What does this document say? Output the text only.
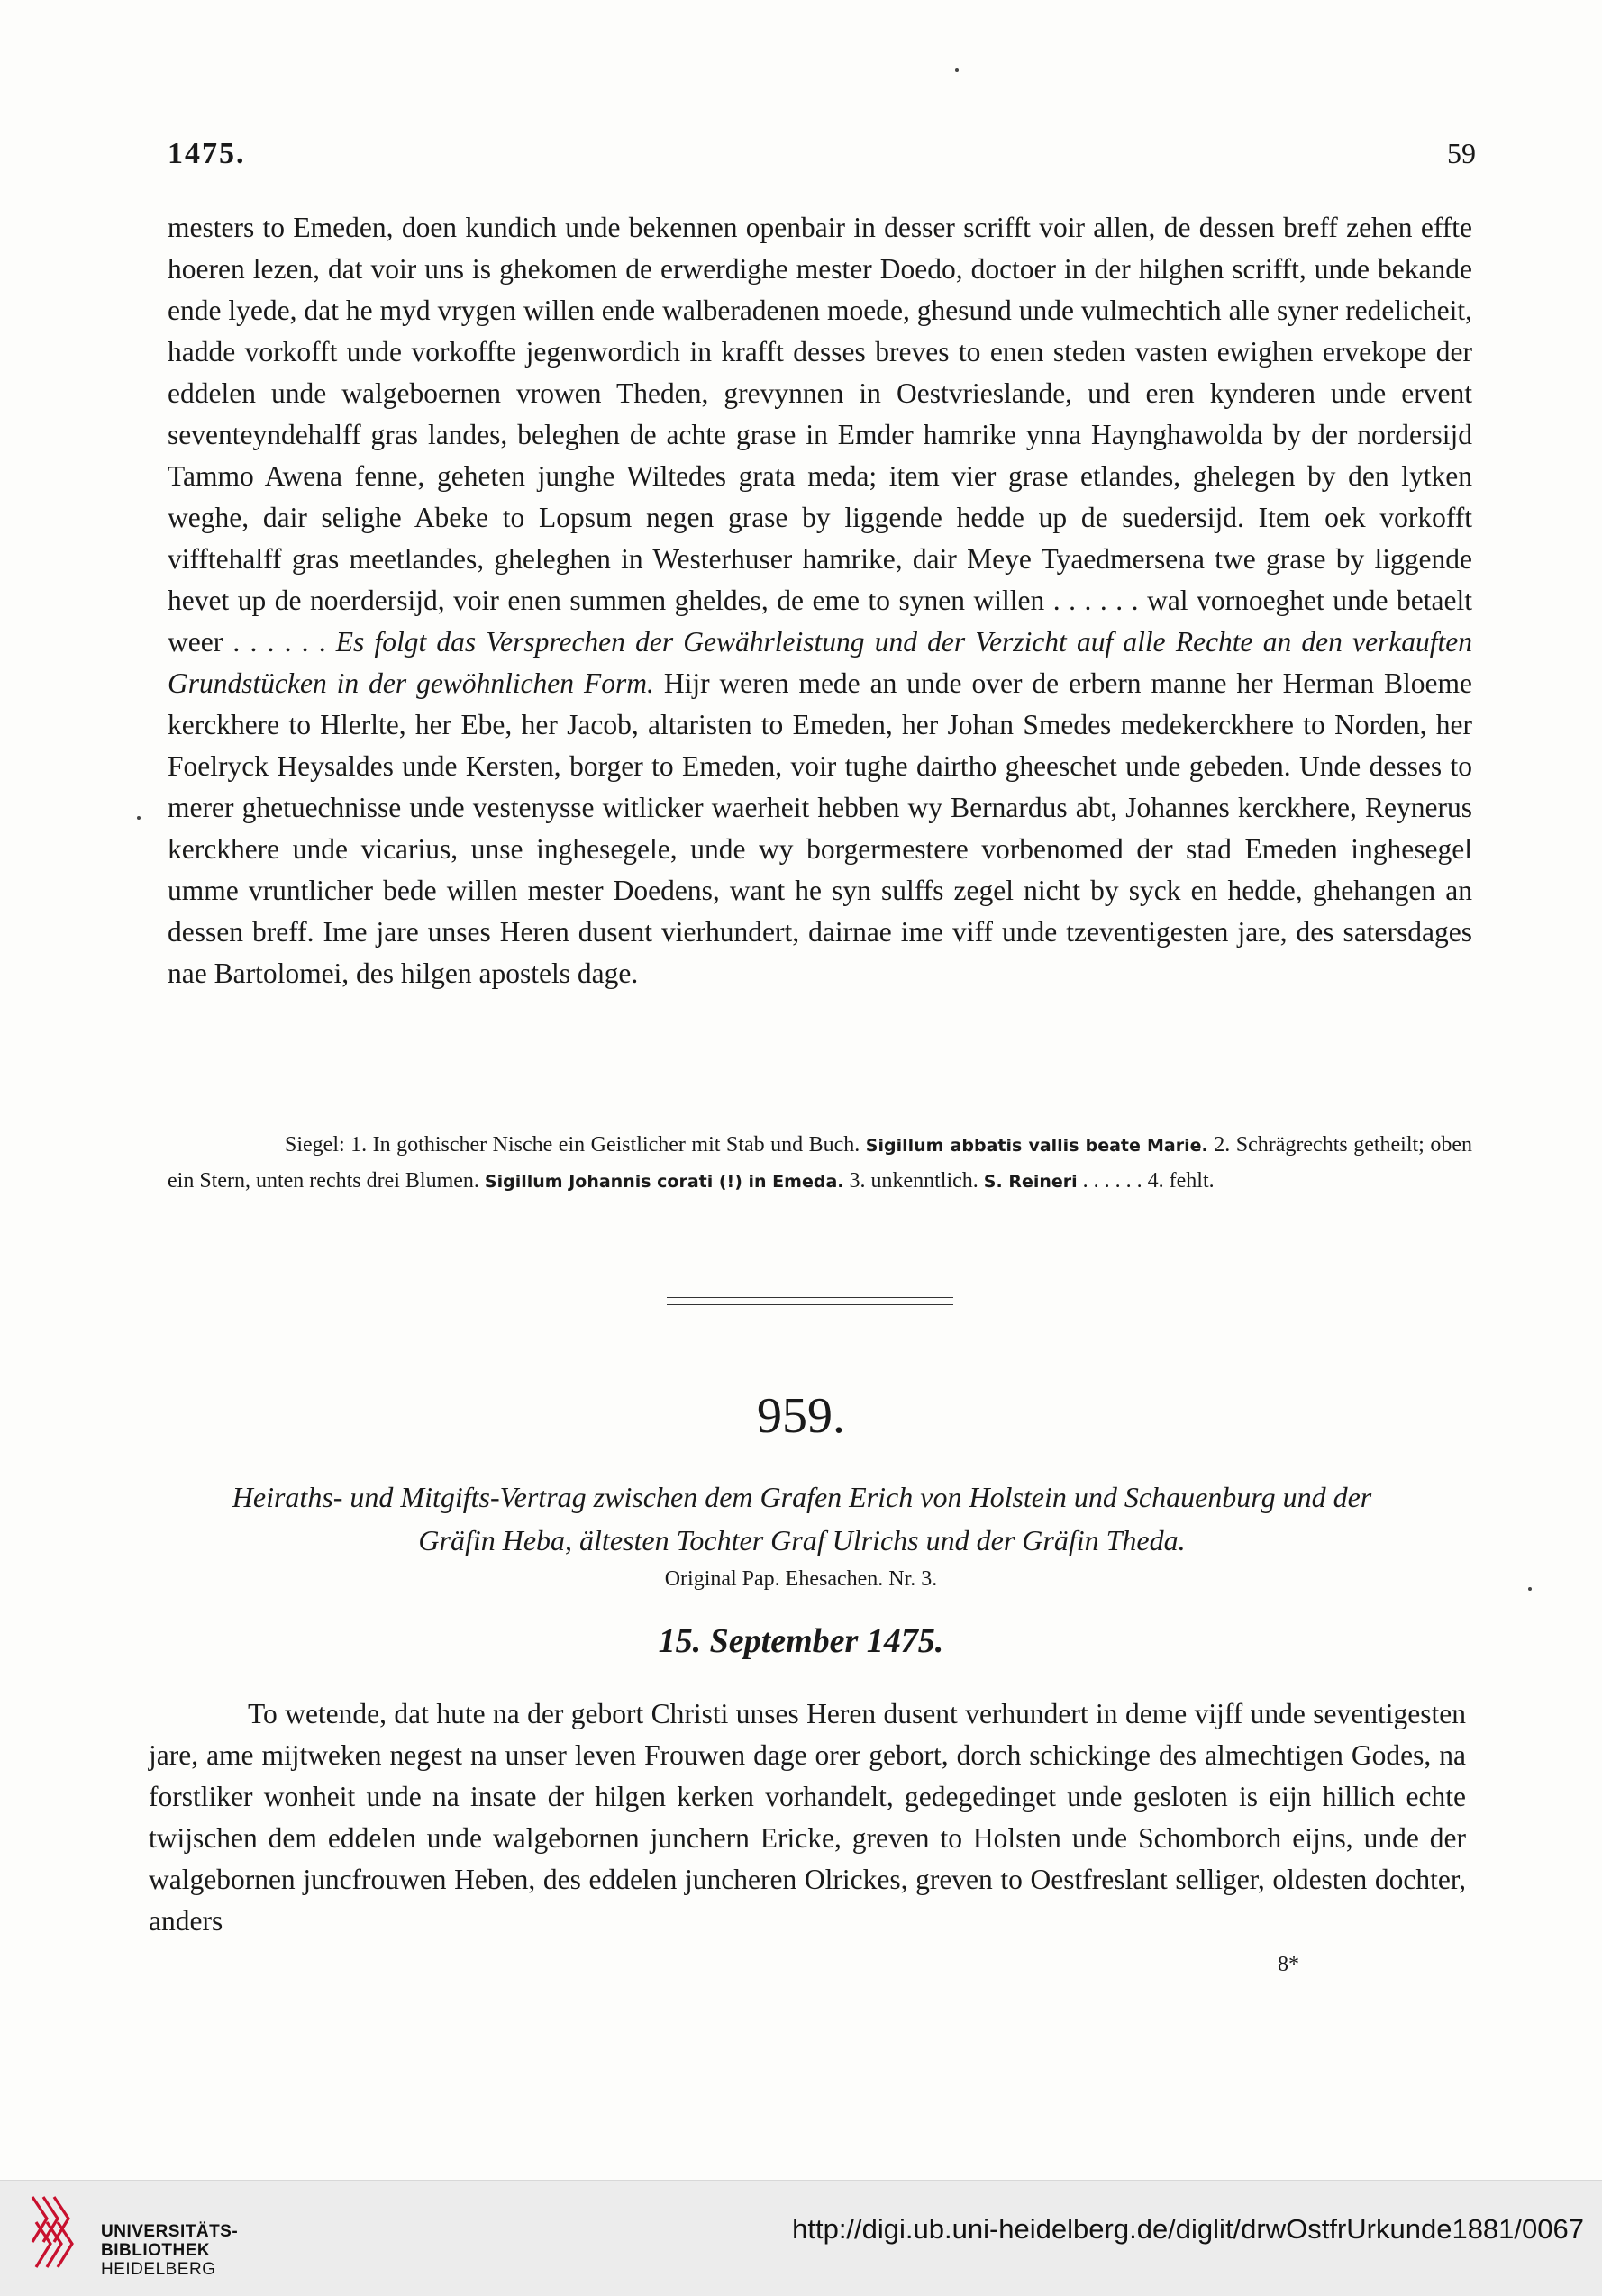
1475.	59

mesters to Emeden, doen kundich unde bekennen openbair in desser scrifft voir allen, de dessen breff zehen effte hoeren lezen, dat voir uns is ghekomen de erwerdighe mester Doedo, doctoer in der hilghen scrifft, unde bekande ende lyede, dat he myd vrygen willen ende walberadenen moede, ghesund unde vulmechtich alle syner redelicheit, hadde vorkofft unde vorkoffte jegenwordich in krafft desses breves to enen steden vasten ewighen ervekope der eddelen unde walgeboernen vrowen Theden, grevynnen in Oestvrieslande, und eren kynderen unde ervent seventeyndehalff gras landes, beleghen de achte grase in Emder hamrike ynna Haynghawolda by der nordersijd Tammo Awena fenne, geheten junghe Wiltedes grata meda; item vier grase etlandes, ghelegen by den lytken weghe, dair selighe Abeke to Lopsum negen grase by liggende hedde up de suedersijd. Item oek vorkofft vifftehalff gras meetlandes, gheleghen in Westerhuser hamrike, dair Meye Tyaedmersena twe grase by liggende hevet up de noerdersijd, voir enen summen gheldes, de eme to synen willen . . . . . . wal vornoeghet unde betaelt weer . . . . . . Es folgt das Versprechen der Gewährleistung und der Verzicht auf alle Rechte an den verkauften Grundstücken in der gewöhnlichen Form. Hijr weren mede an unde over de erbern manne her Herman Bloeme kerckhere to Hlerlte, her Ebe, her Jacob, altaristen to Emeden, her Johan Smedes medekerckhere to Norden, her Foelryck Heysaldes unde Kersten, borger to Emeden, voir tughe dairtho gheeschet unde gebeden. Unde desses to merer ghetuechnisse unde vestenysse witlicker waerheit hebben wy Bernardus abt, Johannes kerckhere, Reynerus kerckhere unde vicarius, unse inghesegele, unde wy borgermestere vorbenomed der stad Emeden inghesegel umme vruntlicher bede willen mester Doedens, want he syn sulffs zegel nicht by syck en hedde, ghehangen an dessen breff. Ime jare unses Heren dusent vierhundert, dairnae ime viff unde tzeventigesten jare, des satersdages nae Bartolomei, des hilgen apostels dage.

Siegel: 1. In gothischer Nische ein Geistlicher mit Stab und Buch. Sigillum abbatis vallis beate Marie. 2. Schrägrechts getheilt; oben ein Stern, unten rechts drei Blumen. Sigillum Johannis corati (!) in Emeda. 3. unkenntlich. S. Reineri . . . . . . 4. fehlt.

959.

Heiraths- und Mitgifts-Vertrag zwischen dem Grafen Erich von Holstein und Schauenburg und der

Gräfin Heba, ältesten Tochter Graf Ulrichs und der Gräfin Theda.

Original Pap. Ehesachen. Nr. 3.
15. September 1475.

To wetende, dat hute na der gebort Christi unses Heren dusent verhundert in deme vijff unde seventigesten jare, ame mijtweken negest na unser leven Frouwen dage orer gebort, dorch schickinge des almechtigen Godes, na forstliker wonheit unde na insate der hilgen kerken vorhandelt, gedegedinget unde gesloten is eijn hillich echte twijschen dem eddelen unde walgebornen junchern Ericke, greven to Holsten unde Schomborch eijns, unde der walgebornen juncfrouwen Heben, des eddelen juncheren Olrickes, greven to Oestfreslant selliger, oldesten dochter, anders

8*
UNIVERSITÄTS-
BIBLIOTHEK
HEIDELBERG
http://digi.ub.uni-heidelberg.de/diglit/drwOstfrUrkunde1881/0067
